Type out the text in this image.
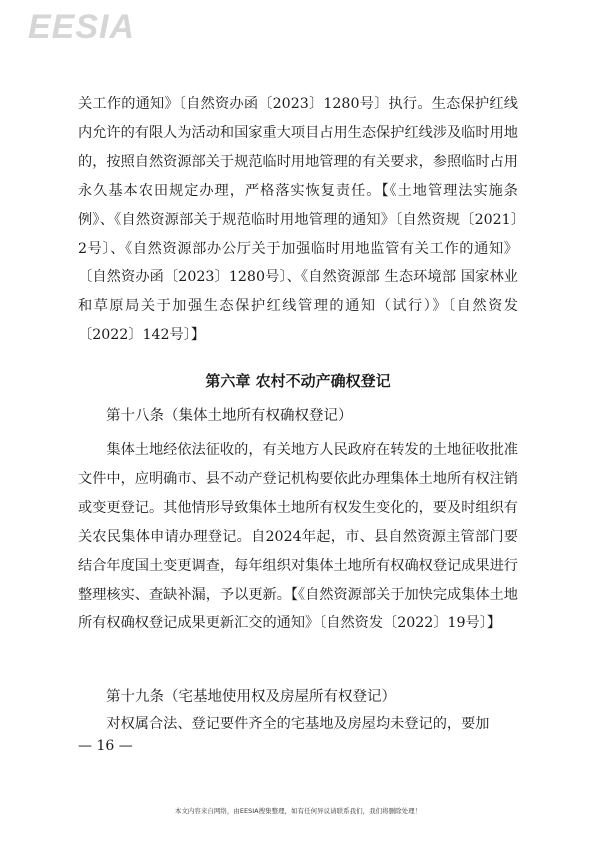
EESIA

关工作的通知》〔自然资办函〔2023〕1280号〕执行。生态保护红线内允许的有限人为活动和国家重大项目占用生态保护红线涉及临时用地的，按照自然资源部关于规范临时用地管理的有关要求，参照临时占用永久基本农田规定办理，严格落实恢复责任。【《土地管理法实施条例》、《自然资源部关于规范临时用地管理的通知》〔自然资规〔2021〕2号〕、《自然资源部办公厅关于加强临时用地监管有关工作的通知》〔自然资办函〔2023〕1280号〕、《自然资源部 生态环境部 国家林业和草原局关于加强生态保护红线管理的通知（试行）》〔自然资发〔2022〕142号〕】

第六章 农村不动产确权登记

第十八条（集体土地所有权确权登记）

集体土地经依法征收的，有关地方人民政府在转发的土地征收批准文件中，应明确市、县不动产登记机构要依此办理集体土地所有权注销或变更登记。其他情形导致集体土地所有权发生变化的，要及时组织有关农民集体申请办理登记。自2024年起，市、县自然资源主管部门要结合年度国土变更调查，每年组织对集体土地所有权确权登记成果进行整理核实、查缺补漏，予以更新。【《自然资源部关于加快完成集体土地所有权确权登记成果更新汇交的通知》〔自然资发〔2022〕19号〕】

第十九条（宅基地使用权及房屋所有权登记）

对权属合法、登记要件齐全的宅基地及房屋均未登记的，要加

— 16 —
本文内容来自网络，由EESIA搜集整理，如有任何异议请联系我们，我们将删除处理！
